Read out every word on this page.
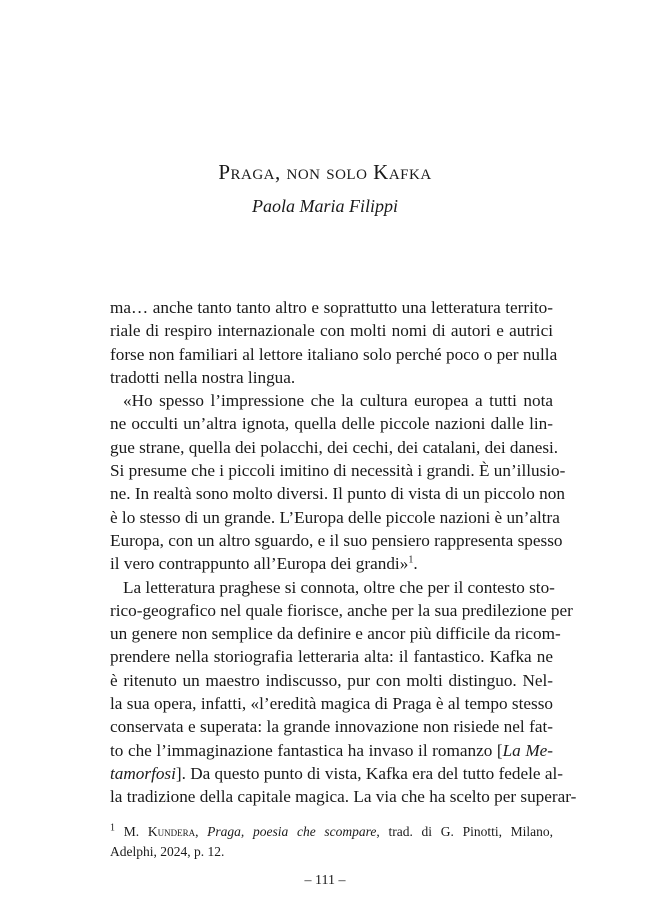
Praga, non solo Kafka
Paola Maria Filippi
ma… anche tanto tanto altro e soprattutto una letteratura territo-
riale di respiro internazionale con molti nomi di autori e autrici
forse non familiari al lettore italiano solo perché poco o per nulla
tradotti nella nostra lingua.
«Ho spesso l’impressione che la cultura europea a tutti nota
ne occulti un’altra ignota, quella delle piccole nazioni dalle lin-
gue strane, quella dei polacchi, dei cechi, dei catalani, dei danesi.
Si presume che i piccoli imitino di necessità i grandi. È un’illusio-
ne. In realtà sono molto diversi. Il punto di vista di un piccolo non
è lo stesso di un grande. L’Europa delle piccole nazioni è un’altra
Europa, con un altro sguardo, e il suo pensiero rappresenta spesso
il vero contrappunto all’Europa dei grandi»$^1$.
La letteratura praghese si connota, oltre che per il contesto sto-
rico-geografico nel quale fiorisce, anche per la sua predilezione per
un genere non semplice da definire e ancor più difficile da ricom-
prendere nella storiografia letteraria alta: il fantastico. Kafka ne
è ritenuto un maestro indiscusso, pur con molti distinguo. Nel-
la sua opera, infatti, «l’eredità magica di Praga è al tempo stesso
conservata e superata: la grande innovazione non risiede nel fat-
to che l’immaginazione fantastica ha invaso il romanzo [La Me-
tamorfosi]. Da questo punto di vista, Kafka era del tutto fedele al-
la tradizione della capitale magica. La via che ha scelto per superar-
$^1$ M. Kundera, Praga, poesia che scompare, trad. di G. Pinotti, Milano,
Adelphi, 2024, p. 12.
– 111 –
